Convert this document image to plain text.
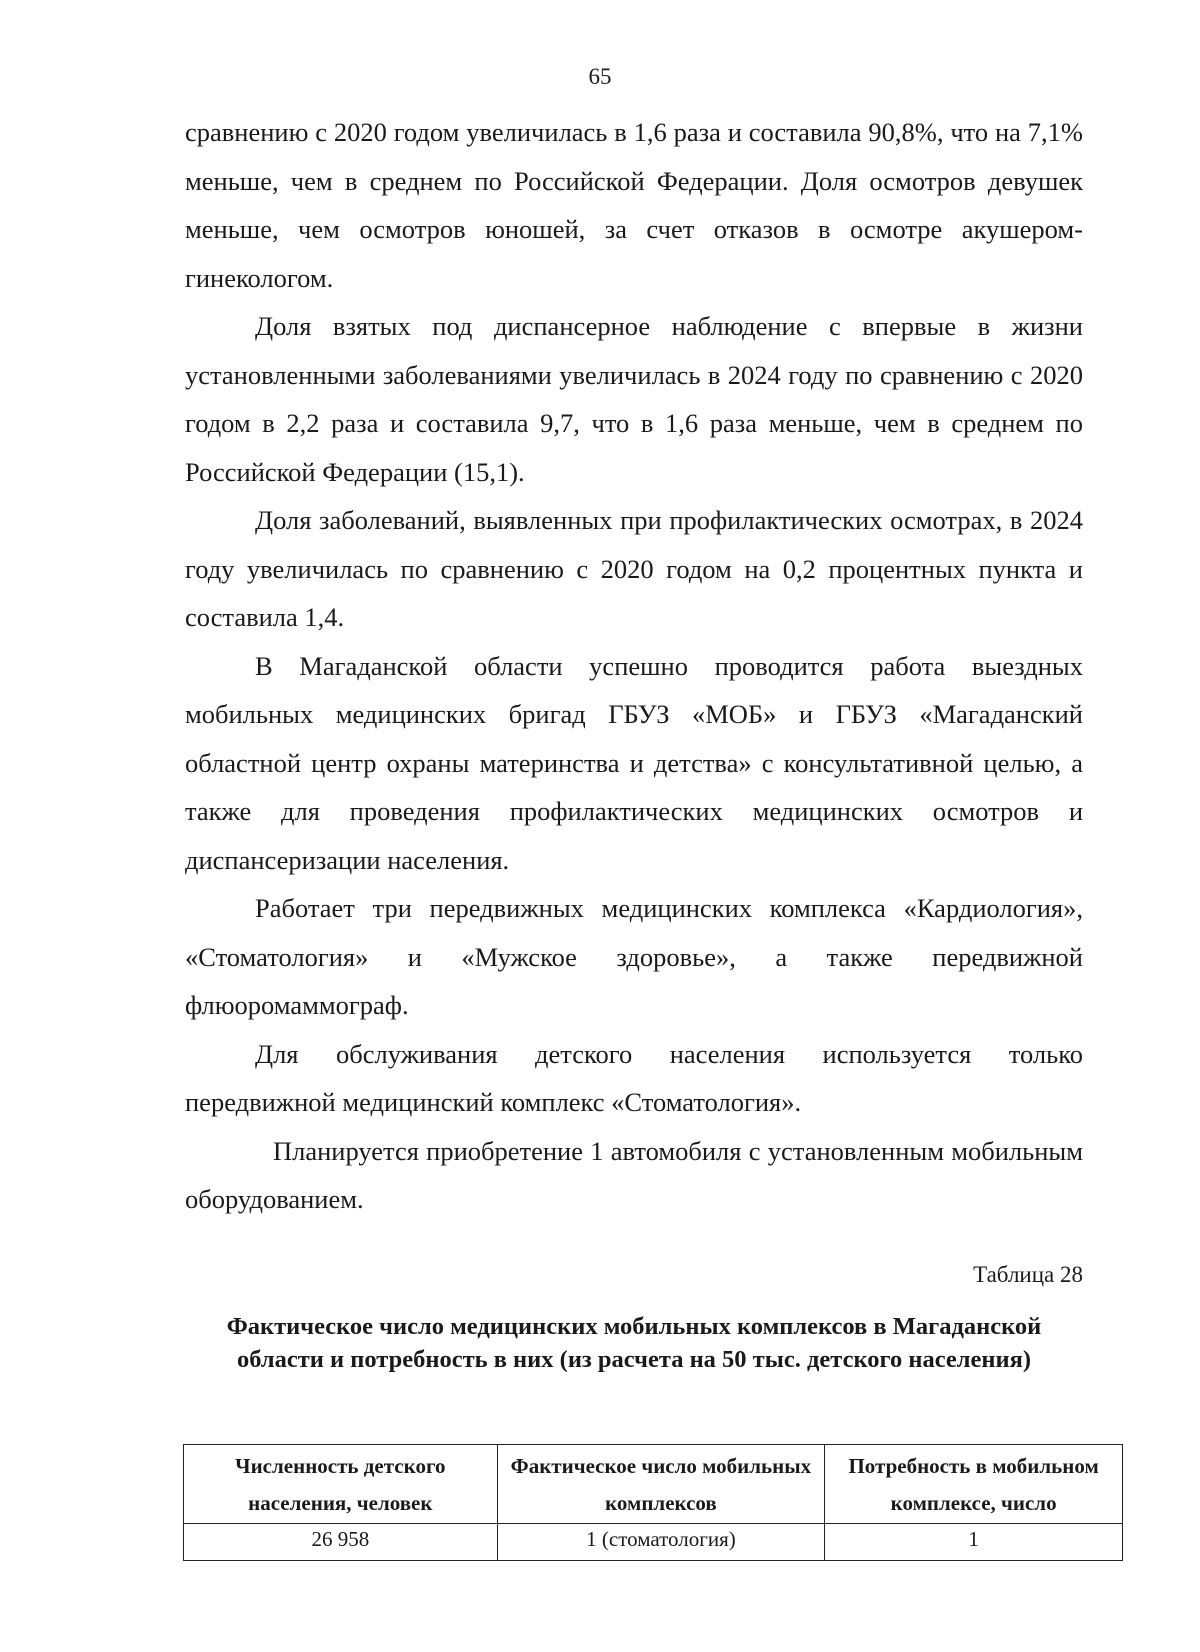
65

сравнению с 2020 годом увеличилась в 1,6 раза и составила 90,8%, что на 7,1% меньше, чем в среднем по Российской Федерации. Доля осмотров девушек меньше, чем осмотров юношей, за счет отказов в осмотре акушером-гинекологом.

Доля взятых под диспансерное наблюдение с впервые в жизни установленными заболеваниями увеличилась в 2024 году по сравнению с 2020 годом в 2,2 раза и составила 9,7, что в 1,6 раза меньше, чем в среднем по Российской Федерации (15,1).

Доля заболеваний, выявленных при профилактических осмотрах, в 2024 году увеличилась по сравнению с 2020 годом на 0,2 процентных пункта и составила 1,4.

В Магаданской области успешно проводится работа выездных мобильных медицинских бригад ГБУЗ «МОБ» и ГБУЗ «Магаданский областной центр охраны материнства и детства» с консультативной целью, а также для проведения профилактических медицинских осмотров и диспансеризации населения.

Работает три передвижных медицинских комплекса «Кардиология», «Стоматология» и «Мужское здоровье», а также передвижной флюоромаммограф.

Для обслуживания детского населения используется только передвижной медицинский комплекс «Стоматология».

Планируется приобретение 1 автомобиля с установленным мобильным оборудованием.

Таблица 28
Фактическое число медицинских мобильных комплексов в Магаданской области и потребность в них (из расчета на 50 тыс. детского населения)
Численность детского населения, человек	Фактическое число мобильных комплексов	Потребность в мобильном комплексе, число
26 958	1 (стоматология)	1
